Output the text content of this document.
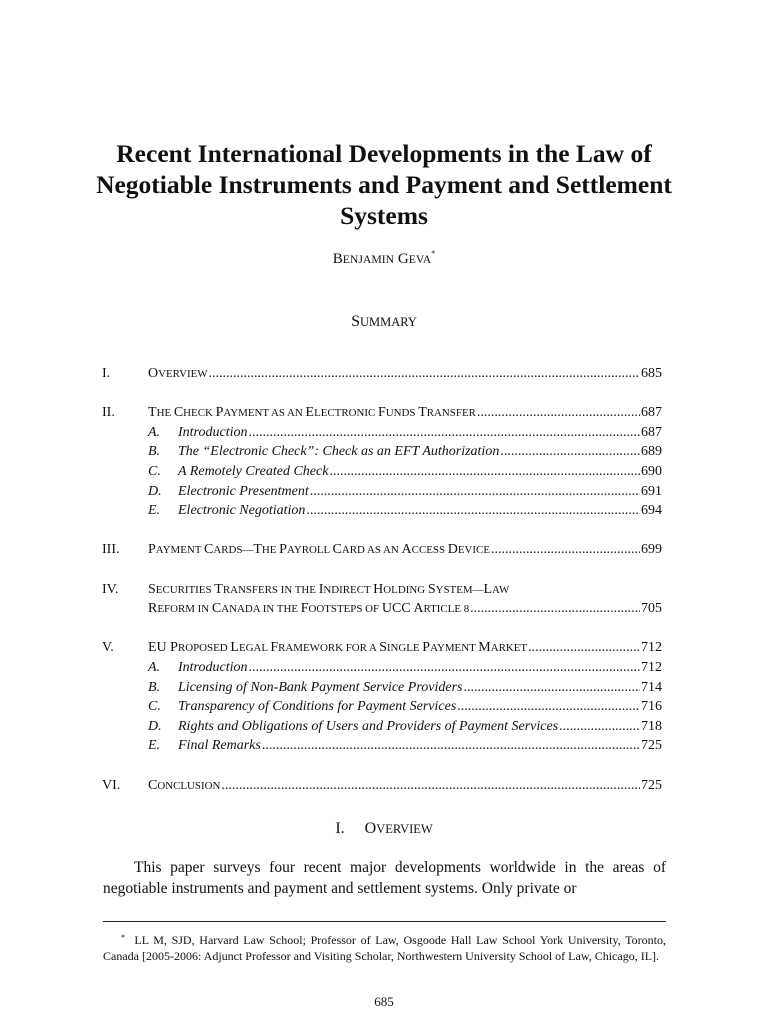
Recent International Developments in the Law of Negotiable Instruments and Payment and Settlement Systems
BENJAMIN GEVA*
SUMMARY
I.	OVERVIEW .....	685
II. THE CHECK PAYMENT AS AN ELECTRONIC FUNDS TRANSFER .....	687
A.	Introduction .....	687
B.	The “Electronic Check”: Check as an EFT Authorization .....	689
C.	A Remotely Created Check .....	690
D.	Electronic Presentment .....	691
E.	Electronic Negotiation .....	694
III. PAYMENT CARDS—THE PAYROLL CARD AS AN ACCESS DEVICE .....	699
IV. SECURITIES TRANSFERS IN THE INDIRECT HOLDING SYSTEM—LAW
REFORM IN CANADA IN THE FOOTSTEPS OF UCC ARTICLE 8 .....	705
V. EU PROPOSED LEGAL FRAMEWORK FOR A SINGLE PAYMENT MARKET .....	712
A.	Introduction .....	712
B.	Licensing of Non-Bank Payment Service Providers .....	714
C.	Transparency of Conditions for Payment Services .....	716
D.	Rights and Obligations of Users and Providers of Payment Services .....	718
E.	Final Remarks .....	725
VI. CONCLUSION .....	725
I. OVERVIEW

This paper surveys four recent major developments worldwide in the areas of negotiable instruments and payment and settlement systems. Only private or

* LL M, SJD, Harvard Law School; Professor of Law, Osgoode Hall Law School York University, Toronto, Canada [2005-2006: Adjunct Professor and Visiting Scholar, Northwestern University School of Law, Chicago, IL].

685
